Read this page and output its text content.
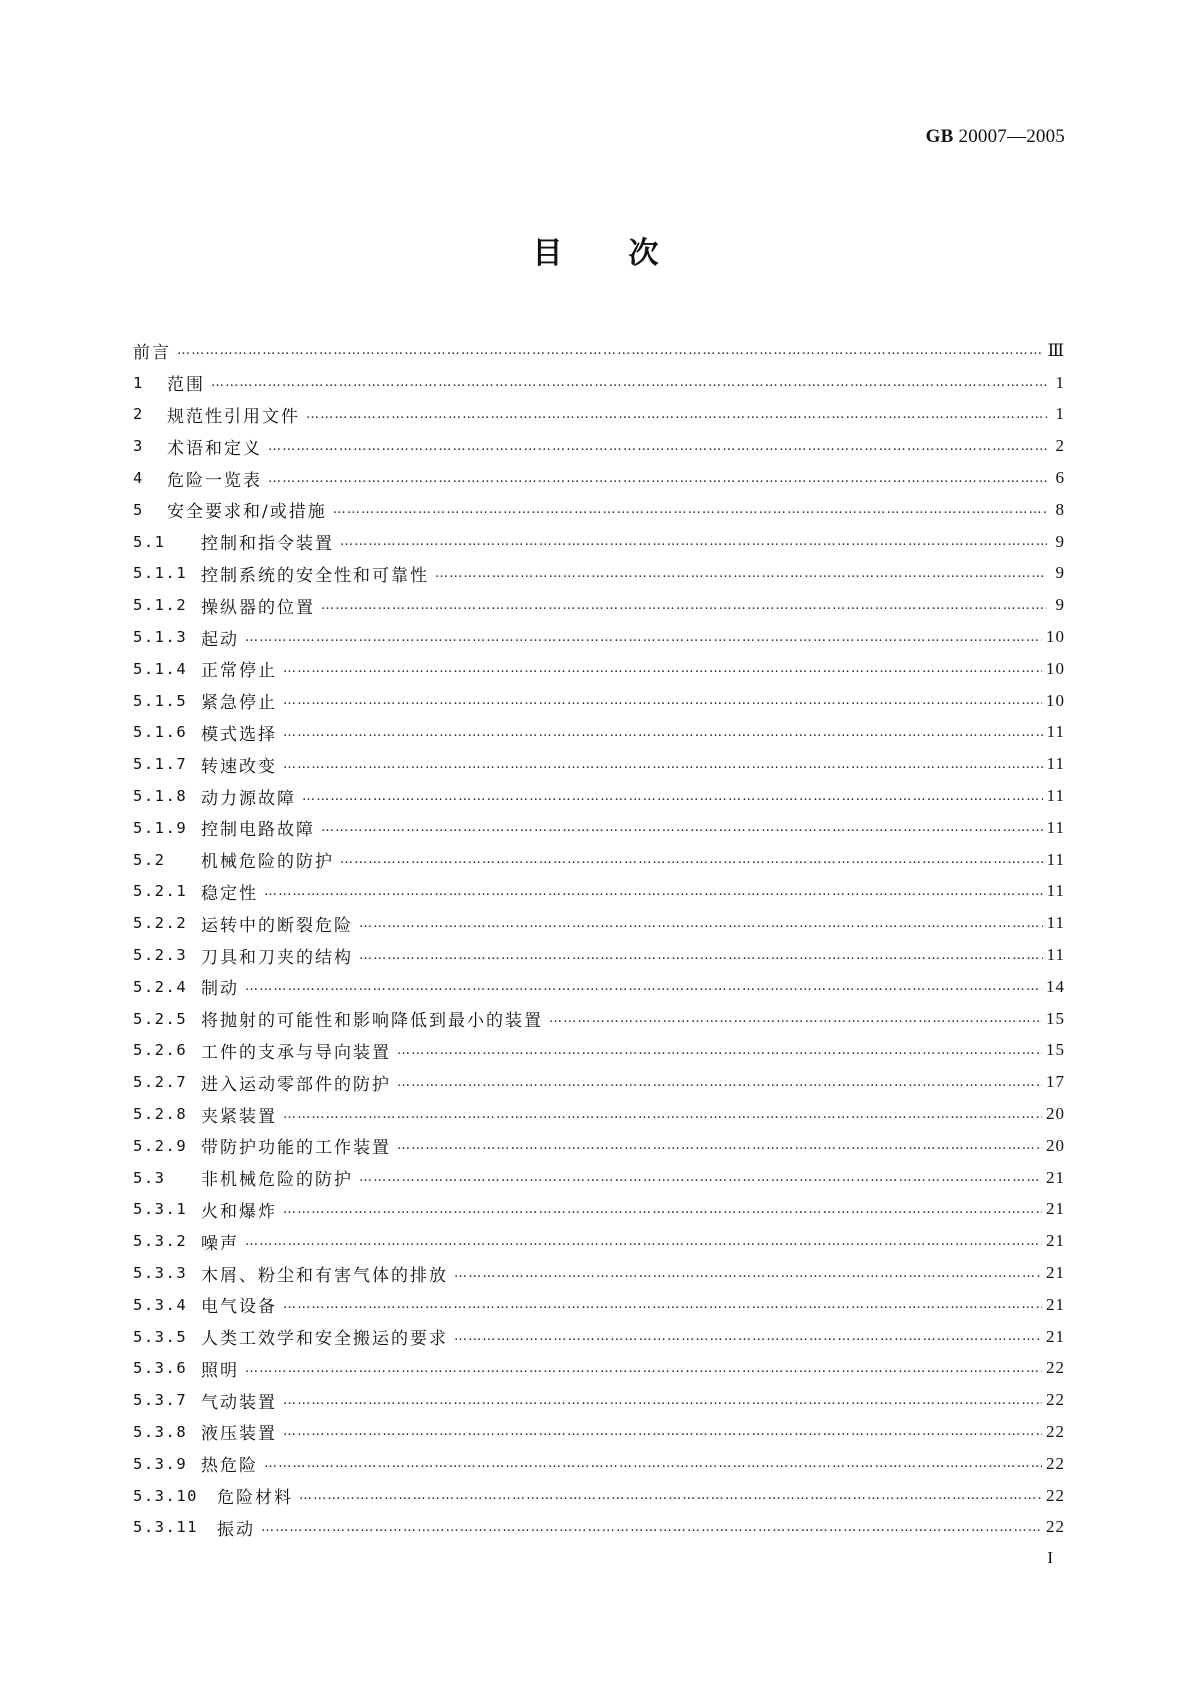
GB 20007—2005
目 次
前言 ……………………………………………………………………………………………………………………………………………………………………………………………………………………	Ⅲ
1	范围 ……………………………………………………………………………………………………………………………………………………………………………………………………………………	1
2	规范性引用文件 ……………………………………………………………………………………………………………………………………………………………………………………………………………………	1
3	术语和定义 ……………………………………………………………………………………………………………………………………………………………………………………………………………………	2
4	危险一览表 ……………………………………………………………………………………………………………………………………………………………………………………………………………………	6
5	安全要求和/或措施 ……………………………………………………………………………………………………………………………………………………………………………………………………………………	8
5.1	控制和指令装置 ……………………………………………………………………………………………………………………………………………………………………………………………………………………	9
5.1.1 控制系统的安全性和可靠性 ……………………………………………………………………………………………………………………………………………………………………………………………………………………	9
5.1.2 操纵器的位置 ……………………………………………………………………………………………………………………………………………………………………………………………………………………	9
5.1.3 起动 ……………………………………………………………………………………………………………………………………………………………………………………………………………………	10
5.1.4 正常停止 ……………………………………………………………………………………………………………………………………………………………………………………………………………………	10
5.1.5 紧急停止 ……………………………………………………………………………………………………………………………………………………………………………………………………………………	10
5.1.6 模式选择 ……………………………………………………………………………………………………………………………………………………………………………………………………………………	11
5.1.7 转速改变 ……………………………………………………………………………………………………………………………………………………………………………………………………………………	11
5.1.8 动力源故障 ……………………………………………………………………………………………………………………………………………………………………………………………………………………	11
5.1.9 控制电路故障 ……………………………………………………………………………………………………………………………………………………………………………………………………………………	11
5.2	机械危险的防护 ……………………………………………………………………………………………………………………………………………………………………………………………………………………	11
5.2.1 稳定性 ……………………………………………………………………………………………………………………………………………………………………………………………………………………	11
5.2.2 运转中的断裂危险 ……………………………………………………………………………………………………………………………………………………………………………………………………………………	11
5.2.3 刀具和刀夹的结构 ……………………………………………………………………………………………………………………………………………………………………………………………………………………	11
5.2.4 制动 ……………………………………………………………………………………………………………………………………………………………………………………………………………………	14
5.2.5 将抛射的可能性和影响降低到最小的装置 ……………………………………………………………………………………………………………………………………………………………………………………………………………………	15
5.2.6 工件的支承与导向装置 ……………………………………………………………………………………………………………………………………………………………………………………………………………………	15
5.2.7 进入运动零部件的防护 ……………………………………………………………………………………………………………………………………………………………………………………………………………………	17
5.2.8 夹紧装置 ……………………………………………………………………………………………………………………………………………………………………………………………………………………	20
5.2.9 带防护功能的工作装置 ……………………………………………………………………………………………………………………………………………………………………………………………………………………	20
5.3	非机械危险的防护 ……………………………………………………………………………………………………………………………………………………………………………………………………………………	21
5.3.1 火和爆炸 ……………………………………………………………………………………………………………………………………………………………………………………………………………………	21
5.3.2 噪声 ……………………………………………………………………………………………………………………………………………………………………………………………………………………	21
5.3.3 木屑、粉尘和有害气体的排放 ……………………………………………………………………………………………………………………………………………………………………………………………………………………	21
5.3.4 电气设备 ……………………………………………………………………………………………………………………………………………………………………………………………………………………	21
5.3.5 人类工效学和安全搬运的要求 ……………………………………………………………………………………………………………………………………………………………………………………………………………………	21
5.3.6 照明 ……………………………………………………………………………………………………………………………………………………………………………………………………………………	22
5.3.7 气动装置 ……………………………………………………………………………………………………………………………………………………………………………………………………………………	22
5.3.8 液压装置 ……………………………………………………………………………………………………………………………………………………………………………………………………………………	22
5.3.9 热危险 ……………………………………………………………………………………………………………………………………………………………………………………………………………………	22
5.3.10	危险材料 ……………………………………………………………………………………………………………………………………………………………………………………………………………………	22
5.3.11	振动 ……………………………………………………………………………………………………………………………………………………………………………………………………………………	22
I
